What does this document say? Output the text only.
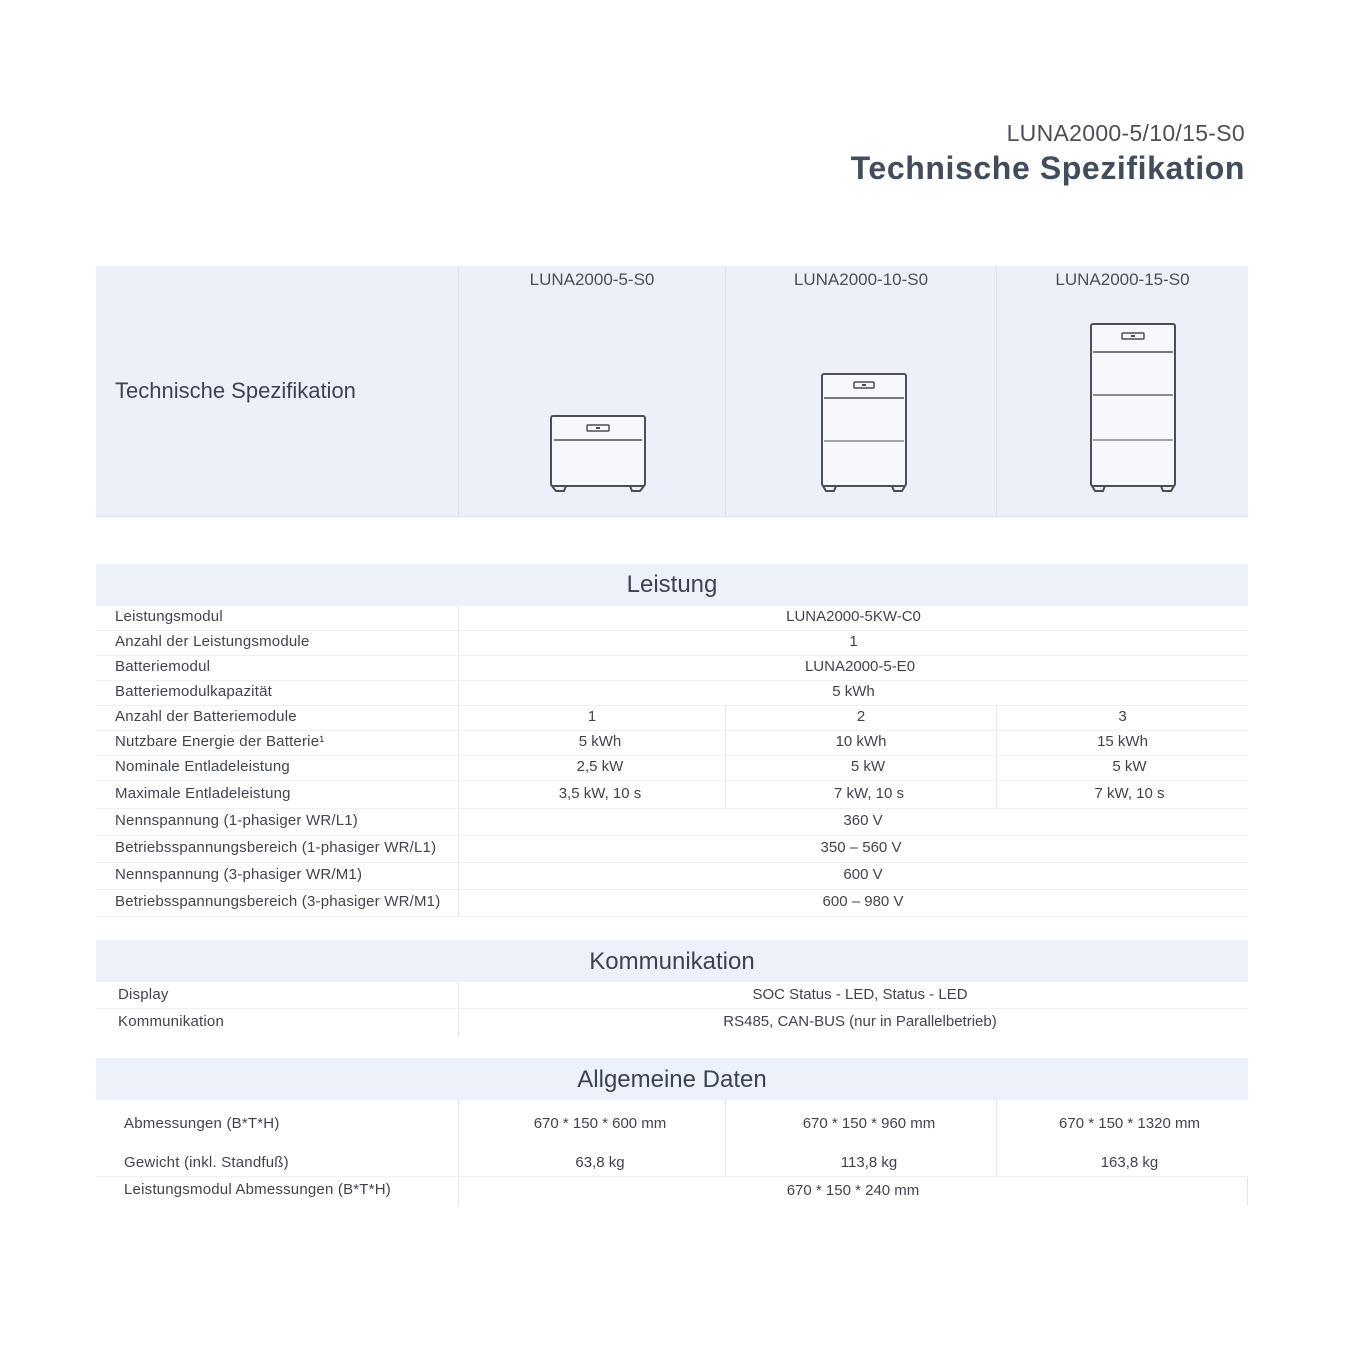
LUNA2000-5/10/15-S0
Technische Spezifikation
Technische Spezifikation
LUNA2000-5-S0	LUNA2000-10-S0	LUNA2000-15-S0
Leistung
Leistungsmodul	LUNA2000-5KW-C0
Anzahl der Leistungsmodule	1
Batteriemodul	LUNA2000-5-E0
Batteriemodulkapazität	5 kWh
Anzahl der Batteriemodule	1	2	3
Nutzbare Energie der Batterie¹	5 kWh	10 kWh	15 kWh
Nominale Entladeleistung	2,5 kW	5 kW	5 kW
Maximale Entladeleistung	3,5 kW, 10 s	7 kW, 10 s	7 kW, 10 s
Nennspannung (1-phasiger WR/L1)	360 V
Betriebsspannungsbereich (1-phasiger WR/L1)	350 – 560 V
Nennspannung (3-phasiger WR/M1)	600 V
Betriebsspannungsbereich (3-phasiger WR/M1)	600 – 980 V
Kommunikation
Display	SOC Status - LED, Status - LED
Kommunikation	RS485, CAN-BUS (nur in Parallelbetrieb)
Allgemeine Daten
Abmessungen (B*T*H)	670 * 150 * 600 mm	670 * 150 * 960 mm	670 * 150 * 1320 mm
Gewicht (inkl. Standfuß)	63,8 kg	113,8 kg	163,8 kg
Leistungsmodul Abmessungen (B*T*H)	670 * 150 * 240 mm
